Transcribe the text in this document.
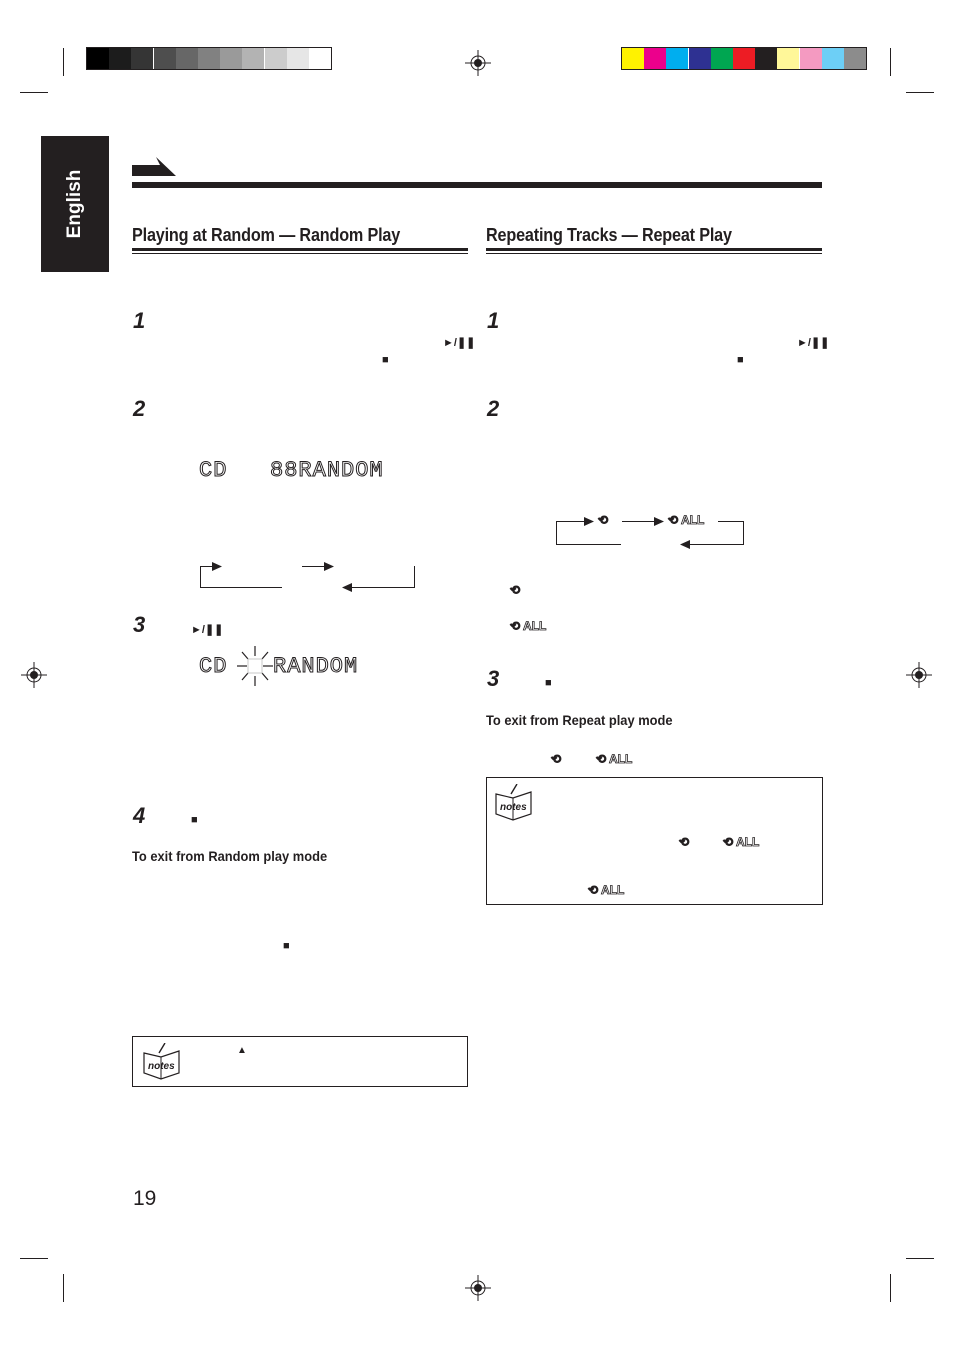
English	Playing at Random — Random Play
1
►/❚❚
■
2
CD   88RANDOM
3	►/❚❚
CD RANDOM
4	■
To exit from Random play mode
■
notes
▲
Repeating Tracks — Repeat Play
1
►/❚❚
■
2
⟲	⟲ ALL
⟲
⟲ ALL
3	■
To exit from Repeat play mode
⟲	⟲ ALL
notes
⟲	⟲ ALL
⟲ ALL
19
